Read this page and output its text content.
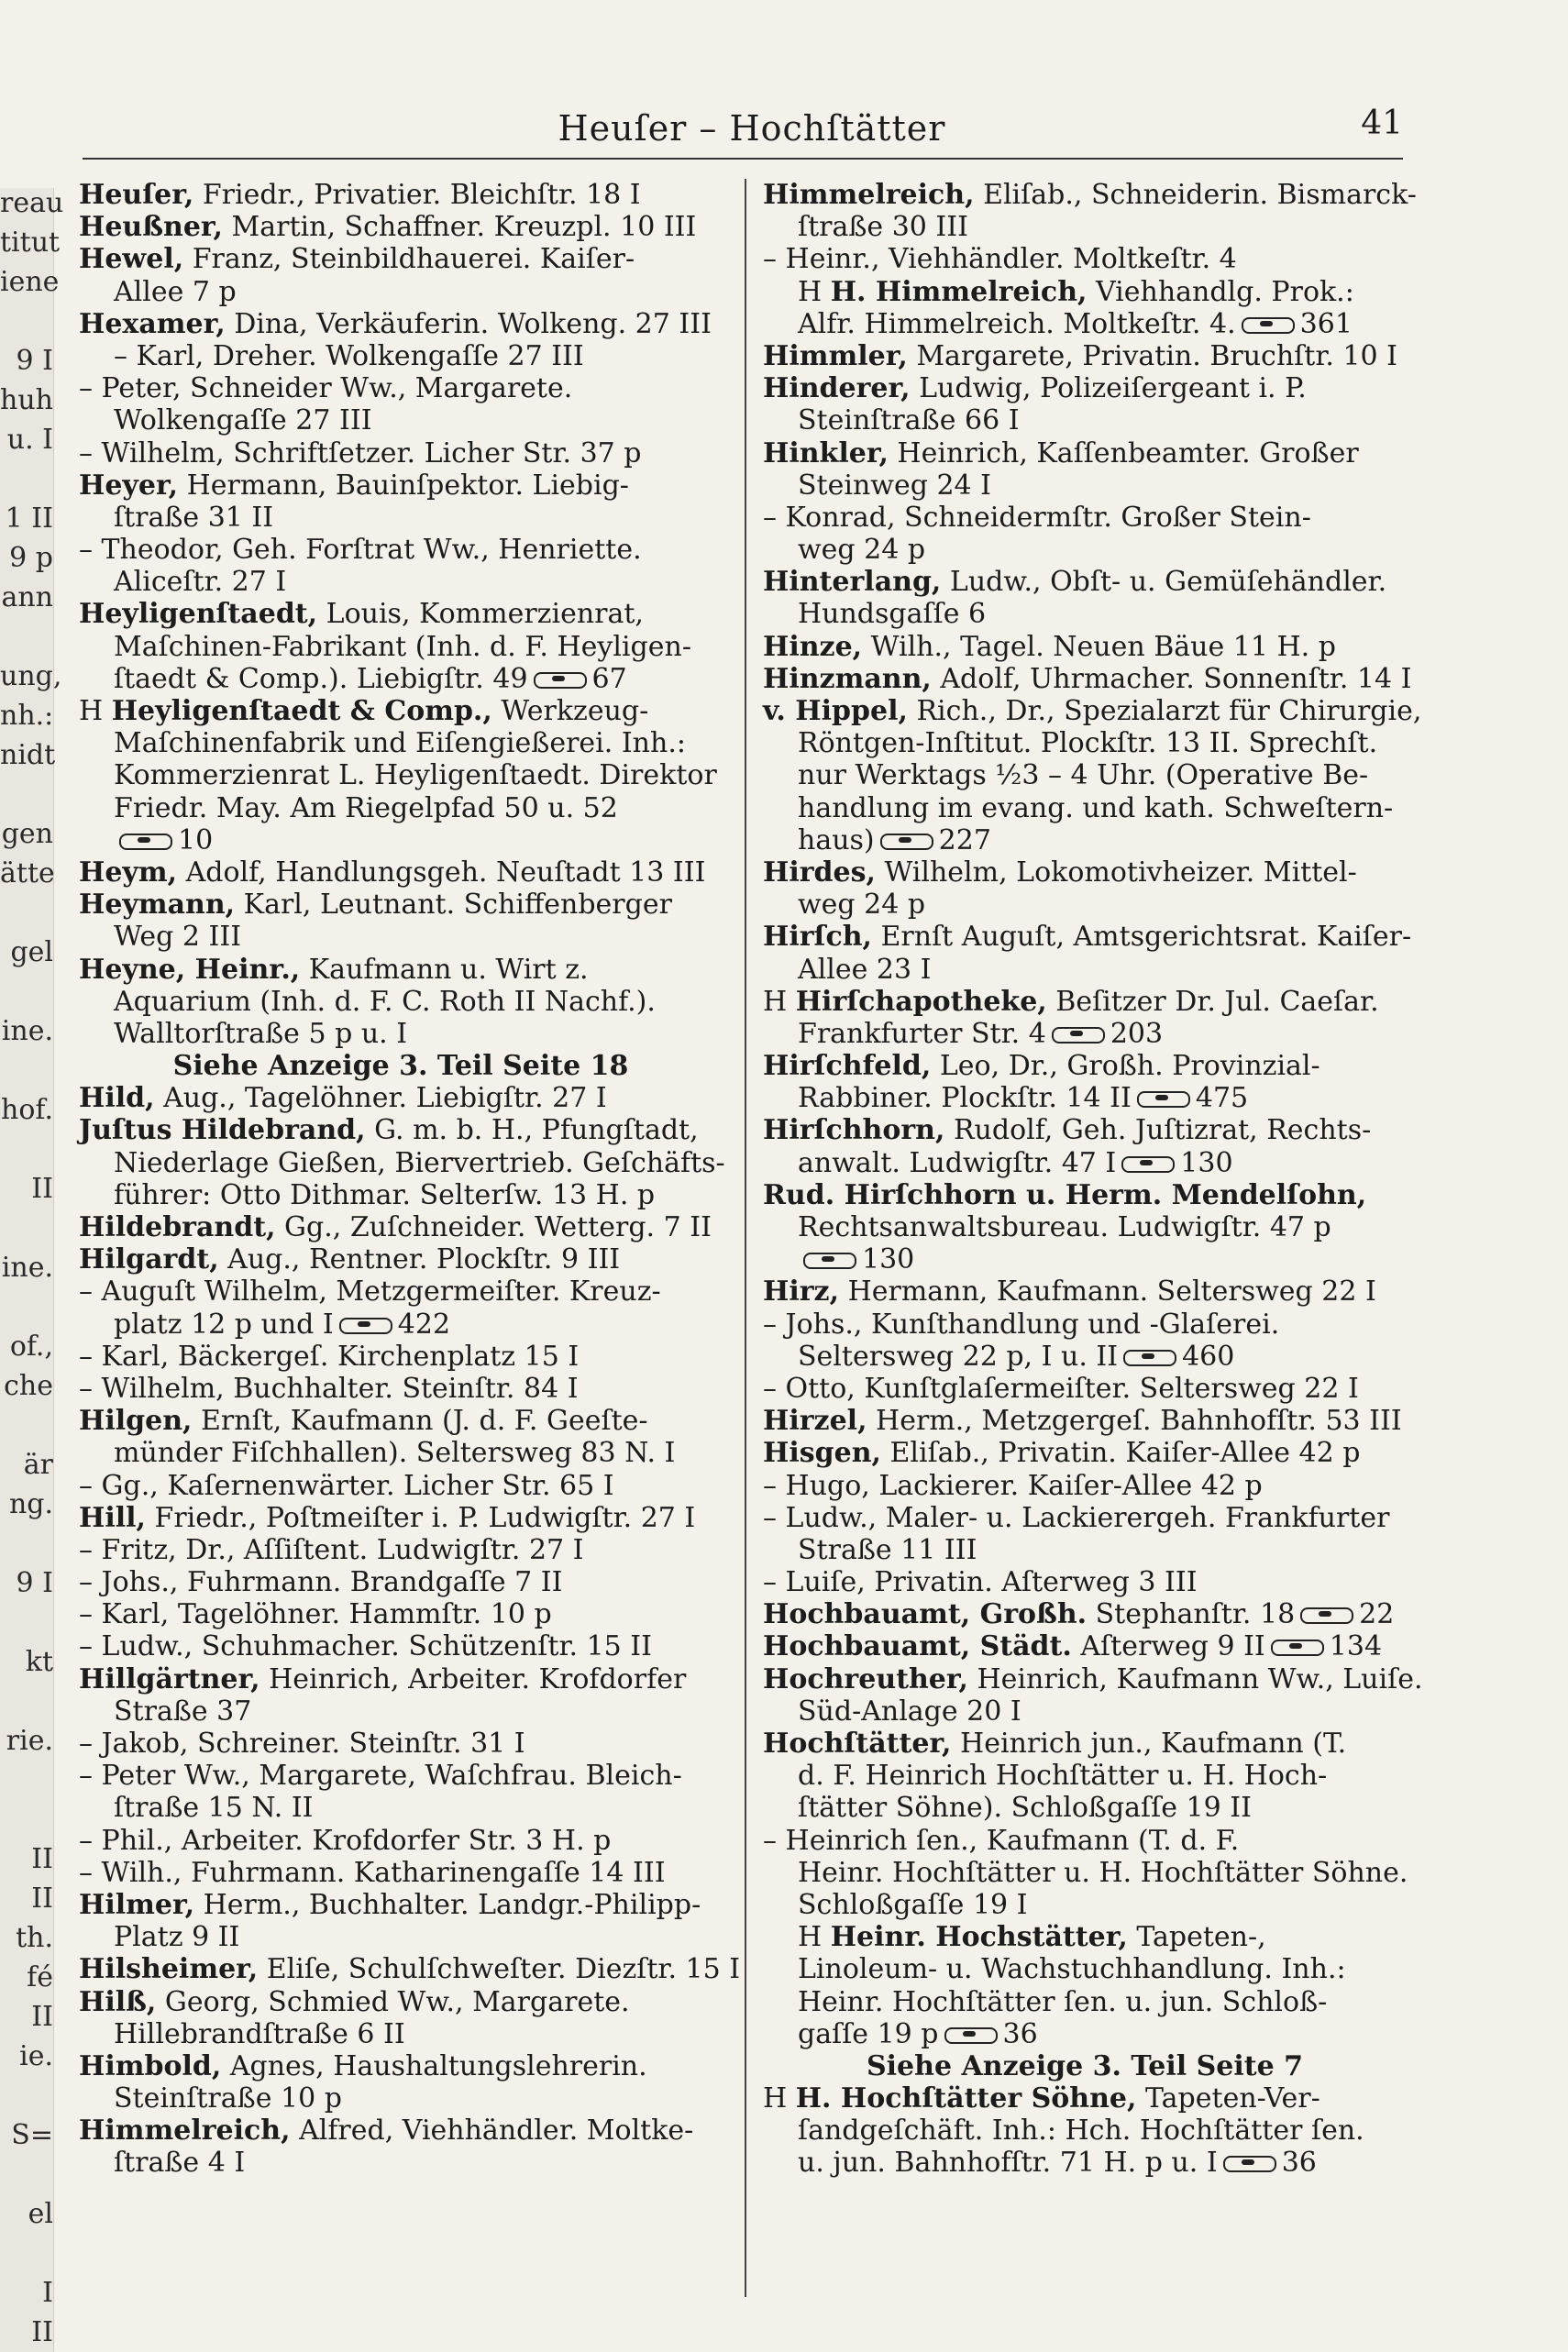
reau
titut
iene
9 I
huh
u. I
1 II
9 p
ann
ung,
nh.:
nidt
gen
ätte
gel
ine.
hof.
II
ine.
of.,
che
är
ng.
9 I
kt
rie.
II
II
th.
fé
II
ie.
S=
el
I
II
Heuſer – Hochſtätter	41
Heuſer, Friedr., Privatier. Bleichſtr. 18 I
Heußner, Martin, Schaffner. Kreuzpl. 10 III
Hewel, Franz, Steinbildhauerei. Kaiſer-
Allee 7 p
Hexamer, Dina, Verkäuferin. Wolkeng. 27 III
– Karl, Dreher. Wolkengaſſe 27 III
– Peter, Schneider Ww., Margarete.
Wolkengaſſe 27 III
– Wilhelm, Schriftſetzer. Licher Str. 37 p
Heyer, Hermann, Bauinſpektor. Liebig-
ſtraße 31 II
– Theodor, Geh. Forſtrat Ww., Henriette.
Aliceſtr. 27 I
Heyligenſtaedt, Louis, Kommerzienrat,
Maſchinen-Fabrikant (Inh. d. F. Heyligen-
ſtaedt & Comp.). Liebigſtr. 49 67
H Heyligenſtaedt & Comp., Werkzeug-
Maſchinenfabrik und Eiſengießerei. Inh.:
Kommerzienrat L. Heyligenſtaedt. Direktor
Friedr. May. Am Riegelpfad 50 u. 52
10
Heym, Adolf, Handlungsgeh. Neuſtadt 13 III
Heymann, Karl, Leutnant. Schiffenberger
Weg 2 III
Heyne, Heinr., Kaufmann u. Wirt z.
Aquarium (Inh. d. F. C. Roth II Nachf.).
Walltorſtraße 5 p u. I
Siehe Anzeige 3. Teil Seite 18
Hild, Aug., Tagelöhner. Liebigſtr. 27 I
Juſtus Hildebrand, G. m. b. H., Pfungſtadt,
Niederlage Gießen, Biervertrieb. Geſchäfts-
führer: Otto Dithmar. Selterſw. 13 H. p
Hildebrandt, Gg., Zuſchneider. Wetterg. 7 II
Hilgardt, Aug., Rentner. Plockſtr. 9 III
– Auguſt Wilhelm, Metzgermeiſter. Kreuz-
platz 12 p und I 422
– Karl, Bäckergeſ. Kirchenplatz 15 I
– Wilhelm, Buchhalter. Steinſtr. 84 I
Hilgen, Ernſt, Kaufmann (J. d. F. Geeſte-
münder Fiſchhallen). Seltersweg 83 N. I
– Gg., Kaſernenwärter. Licher Str. 65 I
Hill, Friedr., Poſtmeiſter i. P. Ludwigſtr. 27 I
– Fritz, Dr., Aſſiſtent. Ludwigſtr. 27 I
– Johs., Fuhrmann. Brandgaſſe 7 II
– Karl, Tagelöhner. Hammſtr. 10 p
– Ludw., Schuhmacher. Schützenſtr. 15 II
Hillgärtner, Heinrich, Arbeiter. Krofdorfer
Straße 37
– Jakob, Schreiner. Steinſtr. 31 I
– Peter Ww., Margarete, Waſchfrau. Bleich-
ſtraße 15 N. II
– Phil., Arbeiter. Krofdorfer Str. 3 H. p
– Wilh., Fuhrmann. Katharinengaſſe 14 III
Hilmer, Herm., Buchhalter. Landgr.-Philipp-
Platz 9 II
Hilsheimer, Eliſe, Schulſchweſter. Diezſtr. 15 I
Hilß, Georg, Schmied Ww., Margarete.
Hillebrandſtraße 6 II
Himbold, Agnes, Haushaltungslehrerin.
Steinſtraße 10 p
Himmelreich, Alfred, Viehhändler. Moltke-
ſtraße 4 I
Himmelreich, Eliſab., Schneiderin. Bismarck-
ſtraße 30 III
– Heinr., Viehhändler. Moltkeſtr. 4
H H. Himmelreich, Viehhandlg. Prok.:
Alfr. Himmelreich. Moltkeſtr. 4. 361
Himmler, Margarete, Privatin. Bruchſtr. 10 I
Hinderer, Ludwig, Polizeiſergeant i. P.
Steinſtraße 66 I
Hinkler, Heinrich, Kaſſenbeamter. Großer
Steinweg 24 I
– Konrad, Schneidermſtr. Großer Stein-
weg 24 p
Hinterlang, Ludw., Obſt- u. Gemüſehändler.
Hundsgaſſe 6
Hinze, Wilh., Tagel. Neuen Bäue 11 H. p
Hinzmann, Adolf, Uhrmacher. Sonnenſtr. 14 I
v. Hippel, Rich., Dr., Spezialarzt für Chirurgie,
Röntgen-Inſtitut. Plockſtr. 13 II. Sprechſt.
nur Werktags ½3 – 4 Uhr. (Operative Be-
handlung im evang. und kath. Schweſtern-
haus) 227
Hirdes, Wilhelm, Lokomotivheizer. Mittel-
weg 24 p
Hirſch, Ernſt Auguſt, Amtsgerichtsrat. Kaiſer-
Allee 23 I
H Hirſchapotheke, Beſitzer Dr. Jul. Caeſar.
Frankfurter Str. 4 203
Hirſchfeld, Leo, Dr., Großh. Provinzial-
Rabbiner. Plockſtr. 14 II 475
Hirſchhorn, Rudolf, Geh. Juſtizrat, Rechts-
anwalt. Ludwigſtr. 47 I 130
Rud. Hirſchhorn u. Herm. Mendelſohn,
Rechtsanwaltsbureau. Ludwigſtr. 47 p
130
Hirz, Hermann, Kaufmann. Seltersweg 22 I
– Johs., Kunſthandlung und -Glaſerei.
Seltersweg 22 p, I u. II 460
– Otto, Kunſtglaſermeiſter. Seltersweg 22 I
Hirzel, Herm., Metzgergeſ. Bahnhofſtr. 53 III
Hisgen, Eliſab., Privatin. Kaiſer-Allee 42 p
– Hugo, Lackierer. Kaiſer-Allee 42 p
– Ludw., Maler- u. Lackierergeh. Frankfurter
Straße 11 III
– Luiſe, Privatin. Aſterweg 3 III
Hochbauamt, Großh. Stephanſtr. 18 22
Hochbauamt, Städt. Aſterweg 9 II 134
Hochreuther, Heinrich, Kaufmann Ww., Luiſe.
Süd-Anlage 20 I
Hochſtätter, Heinrich jun., Kaufmann (T.
d. F. Heinrich Hochſtätter u. H. Hoch-
ſtätter Söhne). Schloßgaſſe 19 II
– Heinrich ſen., Kaufmann (T. d. F.
Heinr. Hochſtätter u. H. Hochſtätter Söhne.
Schloßgaſſe 19 I
H Heinr. Hochstätter, Tapeten-,
Linoleum- u. Wachstuchhandlung. Inh.:
Heinr. Hochſtätter ſen. u. jun. Schloß-
gaſſe 19 p 36
Siehe Anzeige 3. Teil Seite 7
H H. Hochſtätter Söhne, Tapeten-Ver-
ſandgeſchäft. Inh.: Hch. Hochſtätter ſen.
u. jun. Bahnhofſtr. 71 H. p u. I 36
